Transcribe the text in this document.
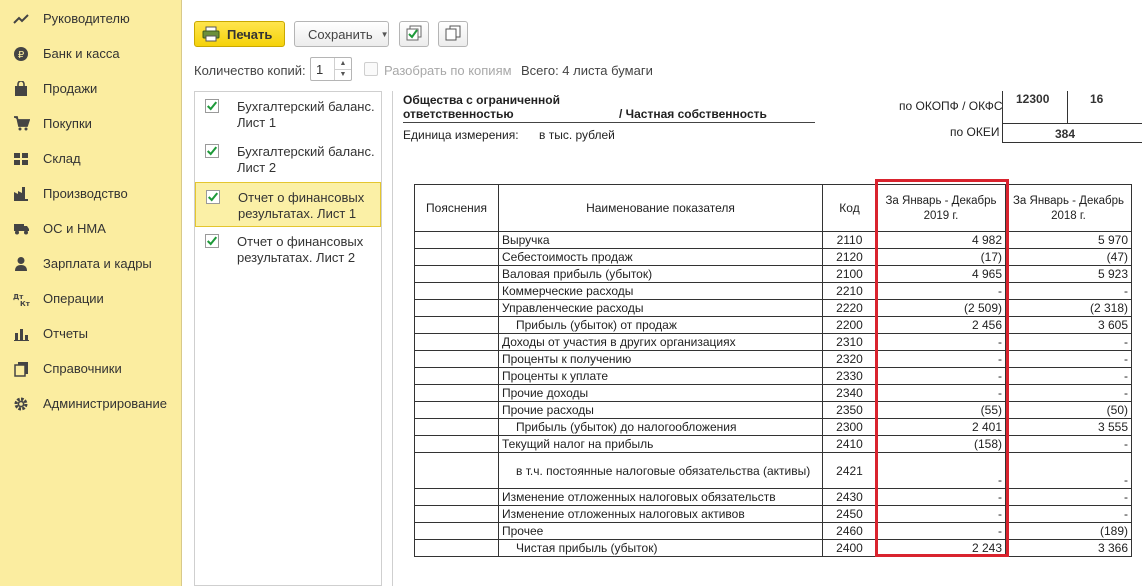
Руководителю
₽ Банк и касса
Продажи
Покупки
Склад
Производство
ОС и НМА
Зарплата и кадры
Дт
Кт Операции
Отчеты
Справочники
Администрирование
Печать	Сохранить ▼
Количество копий: 1	▲
▼	Разобрать по копиям Всего: 4 листа бумаги
Бухгалтерский баланс. Лист 1
Бухгалтерский баланс. Лист 2
Отчет о финансовых результатах. Лист 1
Отчет о финансовых результатах. Лист 2
Общества с ограниченной
ответственностью	/ Частная собственность
по ОКОПФ / ОКФС
по ОКЕИ
Единица измерения: в тыс. рублей
12300	16
384
Пояснения	Наименование показателя	Код	За Январь - Декабрь 2019 г.	За Январь - Декабрь 2018 г.
	Выручка	2110	4 982	5 970
	Себестоимость продаж	2120	(17)	(47)
	Валовая прибыль (убыток)	2100	4 965	5 923
	Коммерческие расходы	2210	-	-
	Управленческие расходы	2220	(2 509)	(2 318)
	Прибыль (убыток) от продаж	2200	2 456	3 605
	Доходы от участия в других организациях	2310	-	-
	Проценты к получению	2320	-	-
	Проценты к уплате	2330	-	-
	Прочие доходы	2340	-	-
	Прочие расходы	2350	(55)	(50)
	Прибыль (убыток) до налогообложения	2300	2 401	3 555
	Текущий налог на прибыль	2410	(158)	-
	в т.ч. постоянные налоговые обязательства (активы)	2421	-	-
	Изменение отложенных налоговых обязательств	2430	-	-
	Изменение отложенных налоговых активов	2450	-	-
	Прочее	2460	-	(189)
	Чистая прибыль (убыток)	2400	2 243	3 366
